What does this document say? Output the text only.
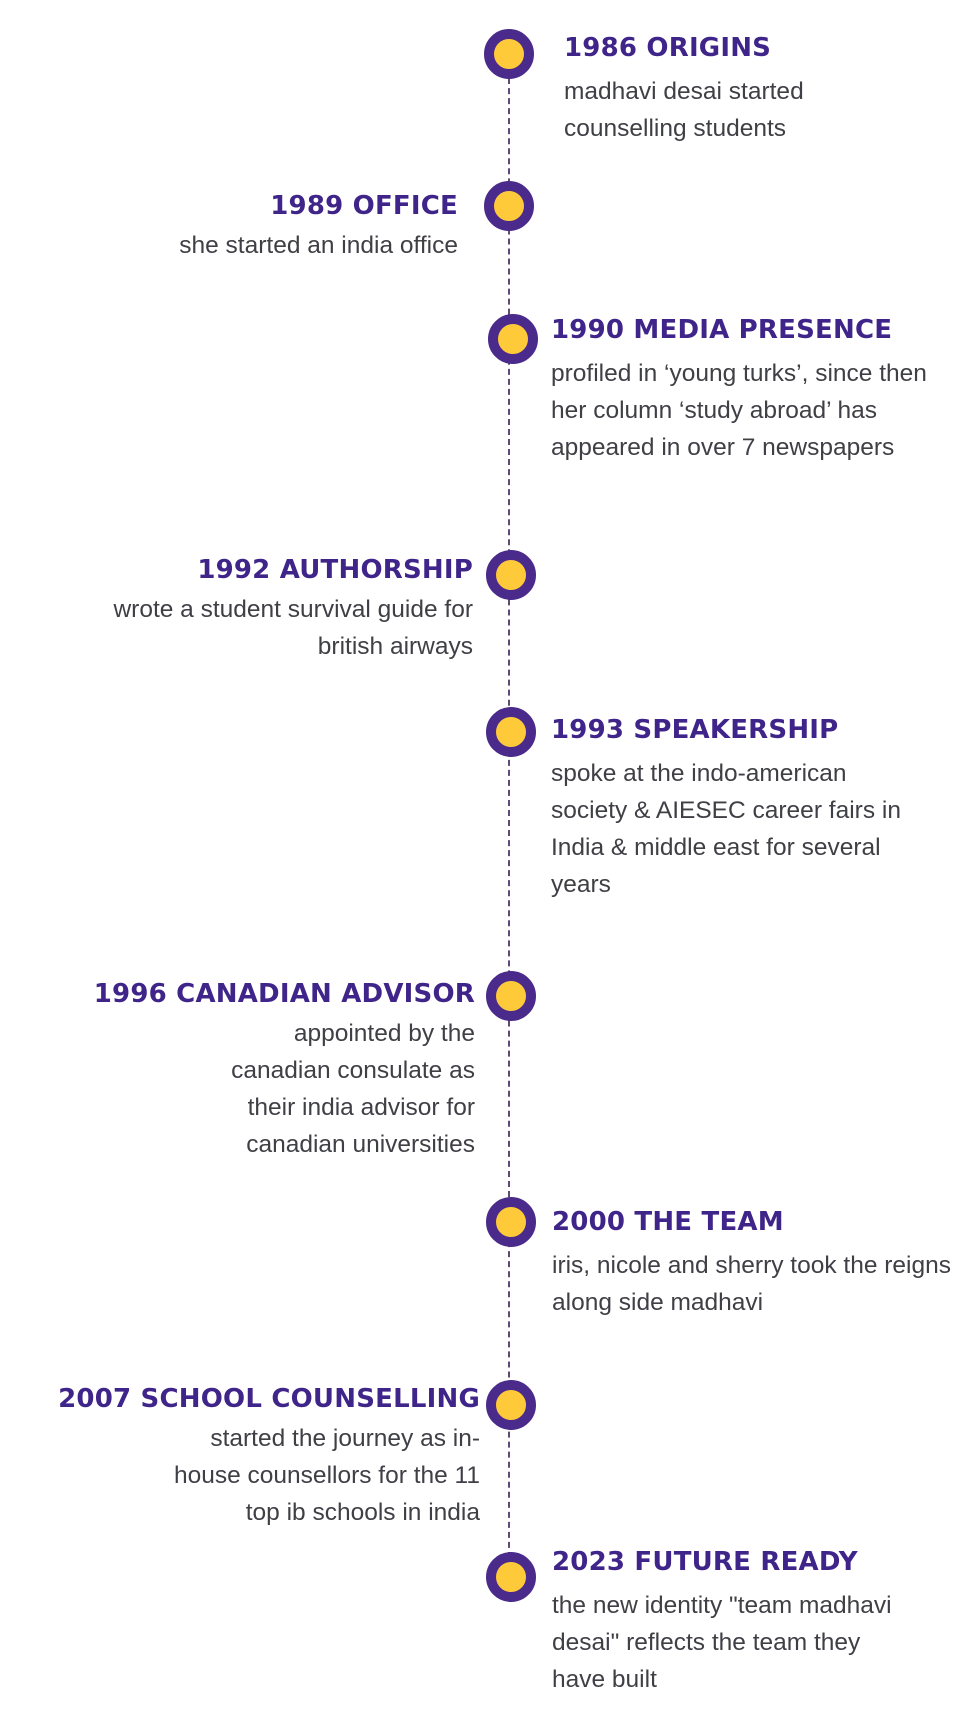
1986 ORIGINS
madhavi desai started counselling students
1989 OFFICE
she started an india office
1990 MEDIA PRESENCE
profiled in ‘young turks’, since then her column ‘study abroad’ has appeared in over 7 newspapers
1992 AUTHORSHIP
wrote a student survival guide for british airways
1993 SPEAKERSHIP
spoke at the indo-american society & AIESEC career fairs in India & middle east for several years
1996 CANADIAN ADVISOR
appointed by the canadian consulate as their india advisor for canadian universities
2000 THE TEAM
iris, nicole and sherry took the reigns along side madhavi
2007 SCHOOL COUNSELLING
started the journey as in-house counsellors for the 11 top ib schools in india
2023 FUTURE READY
the new identity "team madhavi desai" reflects the team they have built
